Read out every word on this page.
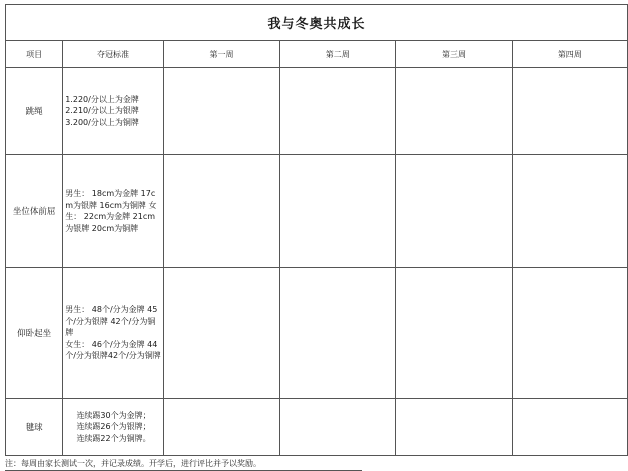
我与冬奥共成长					
项目	夺冠标准	第一周	第二周	第三周	第四周
跳绳	1.220/分以上为金牌
2.210/分以上为银牌
3.200/分以上为铜牌				

坐位体前屈	男生： 18cm为金牌 17cm为银牌 16cm为铜牌 女生： 22cm为金牌 21cm为银牌 20cm为铜牌				

仰卧起坐	男生： 48个/分为金牌 45个/分为银牌 42个/分为铜牌
女生： 46个/分为金牌 44个/分为银牌42个/分为铜牌				

毽球	连续踢30个为金牌；
连续踢26个为银牌；
连续踢22个为铜牌。				

注：每周由家长测试一次，并记录成绩。开学后，进行评比并予以奖励。
